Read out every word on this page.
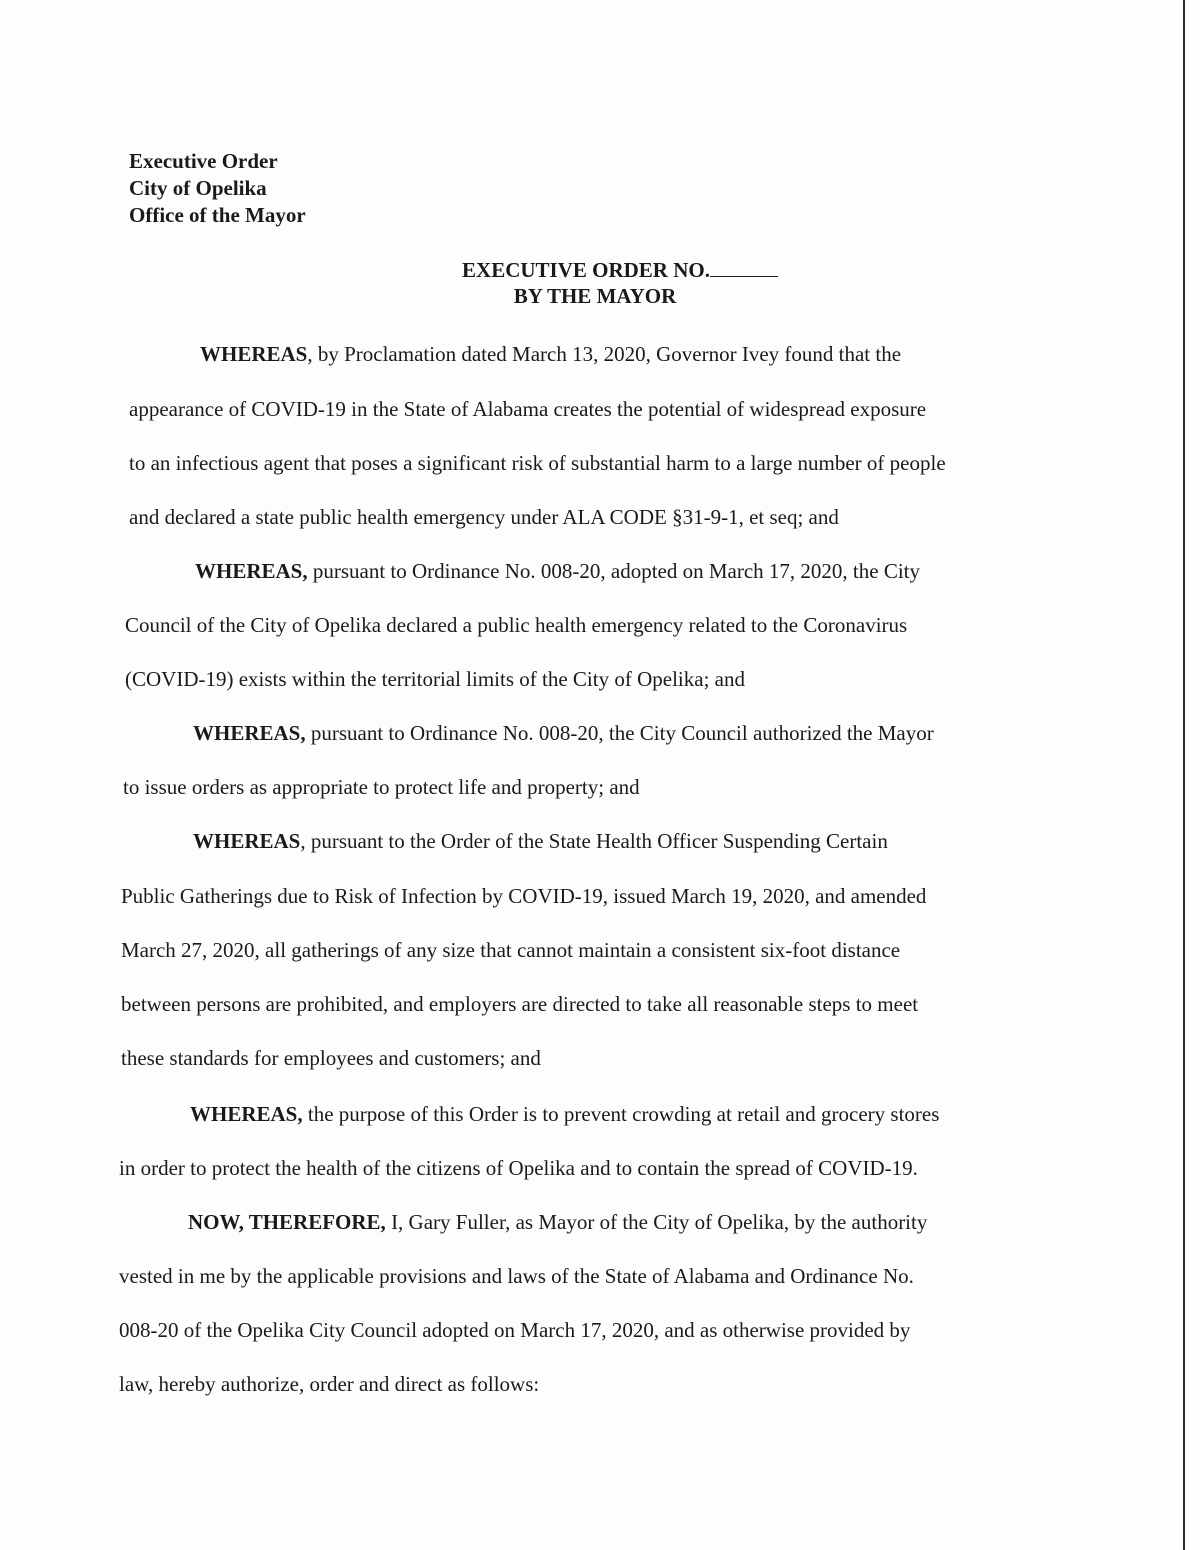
Executive Order
City of Opelika
Office of the Mayor
EXECUTIVE ORDER NO.
BY THE MAYOR
WHEREAS, by Proclamation dated March 13, 2020, Governor Ivey found that the
appearance of COVID-19 in the State of Alabama creates the potential of widespread exposure
to an infectious agent that poses a significant risk of substantial harm to a large number of people
and declared a state public health emergency under ALA CODE §31-9-1, et seq; and
WHEREAS, pursuant to Ordinance No. 008-20, adopted on March 17, 2020, the City
Council of the City of Opelika declared a public health emergency related to the Coronavirus
(COVID-19) exists within the territorial limits of the City of Opelika; and
WHEREAS, pursuant to Ordinance No. 008-20, the City Council authorized the Mayor
to issue orders as appropriate to protect life and property; and
WHEREAS, pursuant to the Order of the State Health Officer Suspending Certain
Public Gatherings due to Risk of Infection by COVID-19, issued March 19, 2020, and amended
March 27, 2020, all gatherings of any size that cannot maintain a consistent six-foot distance
between persons are prohibited, and employers are directed to take all reasonable steps to meet
these standards for employees and customers; and
WHEREAS, the purpose of this Order is to prevent crowding at retail and grocery stores
in order to protect the health of the citizens of Opelika and to contain the spread of COVID-19.
NOW, THEREFORE, I, Gary Fuller, as Mayor of the City of Opelika, by the authority
vested in me by the applicable provisions and laws of the State of Alabama and Ordinance No.
008-20 of the Opelika City Council adopted on March 17, 2020, and as otherwise provided by
law, hereby authorize, order and direct as follows:
